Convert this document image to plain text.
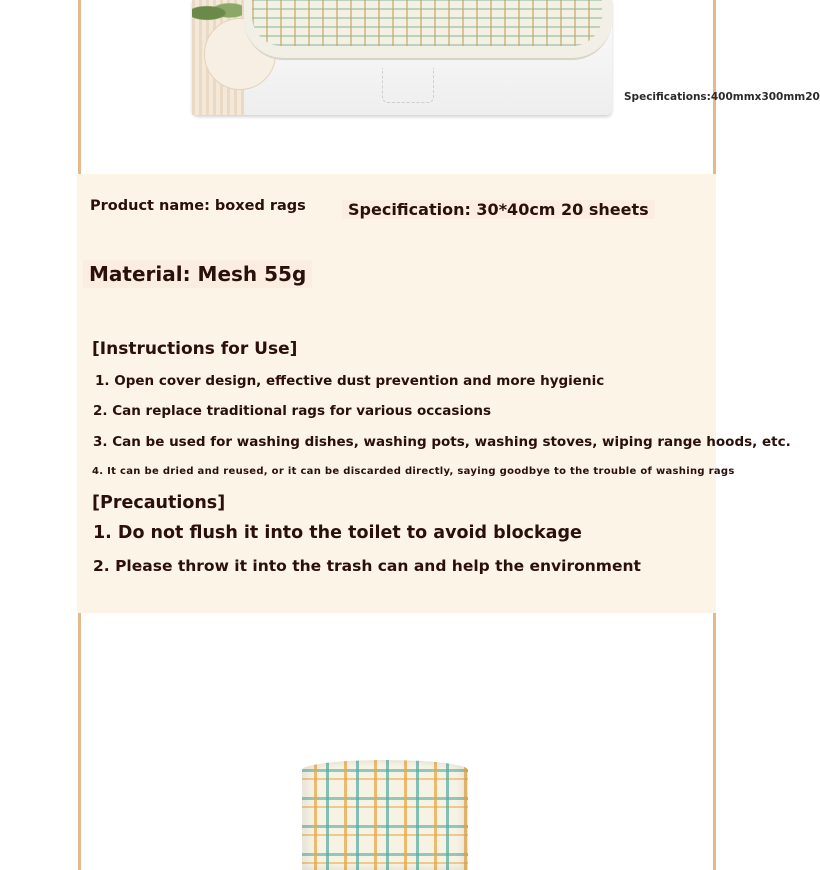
Specifications:400mmx300mm20
Product name: boxed rags	Specification: 30*40cm 20 sheets
Material: Mesh 55g
[Instructions for Use]
1. Open cover design, effective dust prevention and more hygienic
2. Can replace traditional rags for various occasions
3. Can be used for washing dishes, washing pots, washing stoves, wiping range hoods, etc.
4. It can be dried and reused, or it can be discarded directly, saying goodbye to the trouble of washing rags
[Precautions]
1. Do not flush it into the toilet to avoid blockage
2. Please throw it into the trash can and help the environment
